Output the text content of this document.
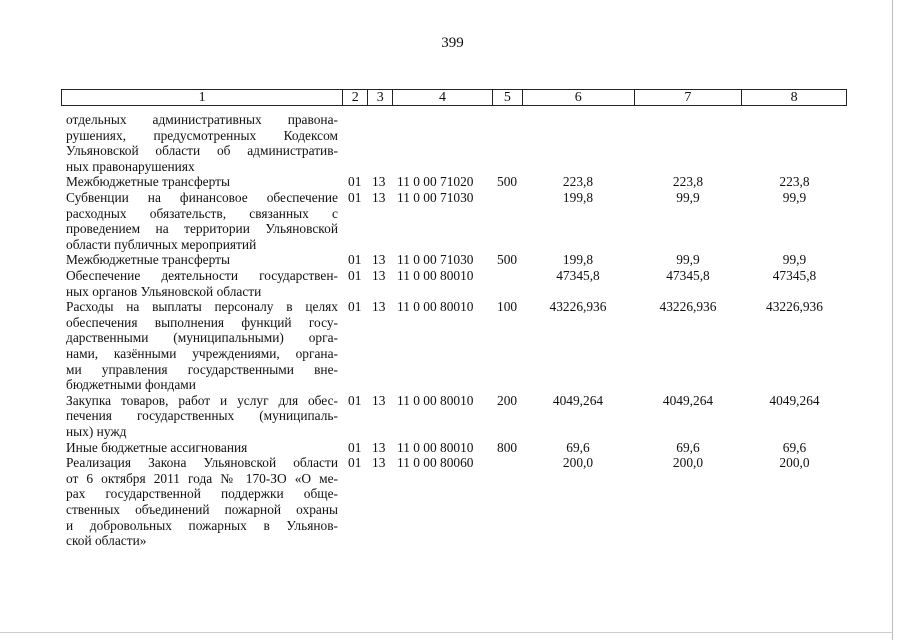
399
1	2	3	4	5	6	7	8
отдельных административных правона-
рушениях, предусмотренных Кодексом
Ульяновской области об административ-
ных правонарушениях
Межбюджетные трансферты	01 13 11 0 00 71020 500	223,8	223,8	223,8
Субвенции на финансовое обеспечение
расходных обязательств, связанных с
проведением на территории Ульяновской
области публичных мероприятий
01 13 11 0 00 71030	199,8	99,9	99,9
Межбюджетные трансферты	01 13 11 0 00 71030 500	199,8	99,9	99,9
Обеспечение деятельности государствен-
ных органов Ульяновской области
01 13 11 0 00 80010	47345,8	47345,8	47345,8
Расходы на выплаты персоналу в целях
обеспечения выполнения функций госу-
дарственными (муниципальными) орга-
нами, казёнными учреждениями, органа-
ми управления государственными вне-
бюджетными фондами
01 13 11 0 00 80010 100	43226,936	43226,936	43226,936
Закупка товаров, работ и услуг для обес-
печения государственных (муниципаль-
ных) нужд
01 13 11 0 00 80010 200	4049,264	4049,264	4049,264
Иные бюджетные ассигнования	01 13 11 0 00 80010 800	69,6	69,6	69,6
Реализация Закона Ульяновской области
от 6 октября 2011 года № 170-ЗО «О ме-
рах государственной поддержки обще-
ственных объединений пожарной охраны
и добровольных пожарных в Ульянов-
ской области»
01 13 11 0 00 80060	200,0	200,0	200,0
